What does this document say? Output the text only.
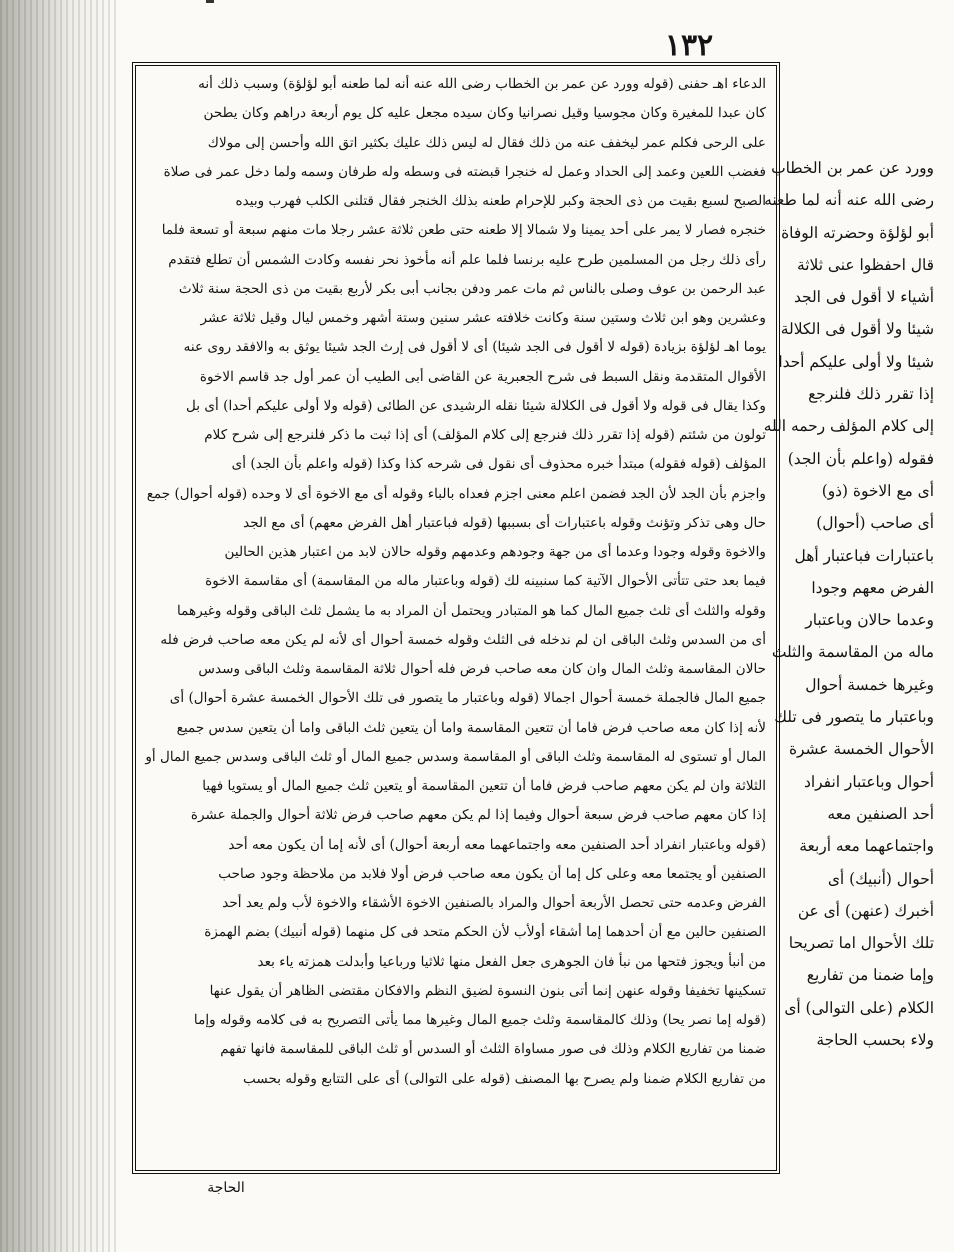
١٣٢
الدعاء اهـ حفنى (قوله وورد عن عمر بن الخطاب رضى الله عنه أنه لما طعنه أبو لؤلؤة) وسبب ذلك أنه
كان عبدا للمغيرة وكان مجوسيا وقيل نصرانيا وكان سيده مجعل عليه كل يوم أربعة دراهم وكان يطحن
على الرحى فكلم عمر ليخفف عنه من ذلك فقال له ليس ذلك عليك بكثير اتق الله وأحسن إلى مولاك
فغضب اللعين وعمد إلى الحداد وعمل له خنجرا قبضته فى وسطه وله طرفان وسمه ولما دخل عمر فى صلاة
الصبح لسبع بقيت من ذى الحجة وكبر للإحرام طعنه بذلك الخنجر فقال قتلنى الكلب فهرب وبيده
خنجره فصار لا يمر على أحد يمينا ولا شمالا إلا طعنه حتى طعن ثلاثة عشر رجلا مات منهم سبعة أو تسعة فلما
رأى ذلك رجل من المسلمين طرح عليه برنسا فلما علم أنه مأخوذ نحر نفسه وكادت الشمس أن تطلع فتقدم
عبد الرحمن بن عوف وصلى بالناس ثم مات عمر ودفن بجانب أبى بكر لأربع بقيت من ذى الحجة سنة ثلاث
وعشرين وهو ابن ثلاث وستين سنة وكانت خلافته عشر سنين وستة أشهر وخمس ليال وقيل ثلاثة عشر
يوما اهـ لؤلؤة بزيادة (قوله لا أقول فى الجد شيئا) أى لا أقول فى إرث الجد شيئا يوثق به والافقد روى عنه
الأقوال المتقدمة ونقل السبط فى شرح الجعبرية عن القاضى أبى الطيب أن عمر أول جد قاسم الاخوة
وكذا يقال فى قوله ولا أقول فى الكلالة شيئا نقله الرشيدى عن الطائى (قوله ولا أولى عليكم أحدا) أى بل
تولون من شئتم (قوله إذا تقرر ذلك فنرجع إلى كلام المؤلف) أى إذا ثبت ما ذكر فلنرجع إلى شرح كلام
المؤلف (قوله فقوله) مبتدأ خبره محذوف أى نقول فى شرحه كذا وكذا (قوله واعلم بأن الجد) أى
واجزم بأن الجد لأن الجد فضمن اعلم معنى اجزم فعداه بالباء وقوله أى مع الاخوة أى لا وحده (قوله أحوال) جمع
حال وهى تذكر وتؤنث وقوله باعتبارات أى بسببها (قوله فباعتبار أهل الفرض معهم) أى مع الجد
والاخوة وقوله وجودا وعدما أى من جهة وجودهم وعدمهم وقوله حالان لابد من اعتبار هذين الحالين
فيما بعد حتى تتأتى الأحوال الآتية كما سنبينه لك (قوله وباعتبار ماله من المقاسمة) أى مقاسمة الاخوة
وقوله والثلث أى ثلث جميع المال كما هو المتبادر ويحتمل أن المراد به ما يشمل ثلث الباقى وقوله وغيرهما
أى من السدس وثلث الباقى ان لم ندخله فى الثلث وقوله خمسة أحوال أى لأنه لم يكن معه صاحب فرض فله
حالان المقاسمة وثلث المال وان كان معه صاحب فرض فله أحوال ثلاثة المقاسمة وثلث الباقى وسدس
جميع المال فالجملة خمسة أحوال اجمالا (قوله وباعتبار ما يتصور فى تلك الأحوال الخمسة عشرة أحوال) أى
لأنه إذا كان معه صاحب فرض فاما أن تتعين المقاسمة واما أن يتعين ثلث الباقى واما أن يتعين سدس جميع
المال أو تستوى له المقاسمة وثلث الباقى أو المقاسمة وسدس جميع المال أو ثلث الباقى وسدس جميع المال أو
الثلاثة وان لم يكن معهم صاحب فرض فاما أن تتعين المقاسمة أو يتعين ثلث جميع المال أو يستويا فهيا
إذا كان معهم صاحب فرض سبعة أحوال وفيما إذا لم يكن معهم صاحب فرض ثلاثة أحوال والجملة عشرة
(قوله وباعتبار انفراد أحد الصنفين معه واجتماعهما معه أربعة أحوال) أى لأنه إما أن يكون معه أحد
الصنفين أو يجتمعا معه وعلى كل إما أن يكون معه صاحب فرض أولا فلابد من ملاحظة وجود صاحب
الفرض وعدمه حتى تحصل الأربعة أحوال والمراد بالصنفين الاخوة الأشقاء والاخوة لأب ولم يعد أحد
الصنفين حالين مع أن أحدهما إما أشقاء أولأب لأن الحكم متحد فى كل منهما (قوله أنبيك) بضم الهمزة
من أنبأ ويجوز فتحها من نبأ فان الجوهرى جعل الفعل منها ثلاثيا ورباعيا وأبدلت همزته ياء بعد
تسكينها تخفيفا وقوله عنهن إنما أتى بنون النسوة لضيق النظم والافكان مقتضى الظاهر أن يقول عنها
(قوله إما نصر يحا) وذلك كالمقاسمة وثلث جميع المال وغيرها مما يأتى التصريح به فى كلامه وقوله وإما
ضمنا من تفاريع الكلام وذلك فى صور مساواة الثلث أو السدس أو ثلث الباقى للمقاسمة فانها تفهم
من تفاريع الكلام ضمنا ولم يصرح بها المصنف (قوله على التوالى) أى على التتابع وقوله بحسب
وورد عن عمر بن الخطاب
رضى الله عنه أنه لما طعنه
أبو لؤلؤة وحضرته الوفاة
قال احفظوا عنى ثلاثة
أشياء لا أقول فى الجد
شيئا ولا أقول فى الكلالة
شيئا ولا أولى عليكم أحدا
إذا تقرر ذلك فلنرجع
إلى كلام المؤلف رحمه الله
فقوله (واعلم بأن الجد)
أى مع الاخوة (ذو)
أى صاحب (أحوال)
باعتبارات فباعتبار أهل
الفرض معهم وجودا
وعدما حالان وباعتبار
ماله من المقاسمة والثلث
وغيرها خمسة أحوال
وباعتبار ما يتصور فى تلك
الأحوال الخمسة عشرة
أحوال وباعتبار انفراد
أحد الصنفين معه
واجتماعهما معه أربعة
أحوال (أنبيك) أى
أخبرك (عنهن) أى عن
تلك الأحوال اما تصريحا
وإما ضمنا من تفاريع
الكلام (على التوالى) أى
ولاء بحسب الحاجة
الحاجة
